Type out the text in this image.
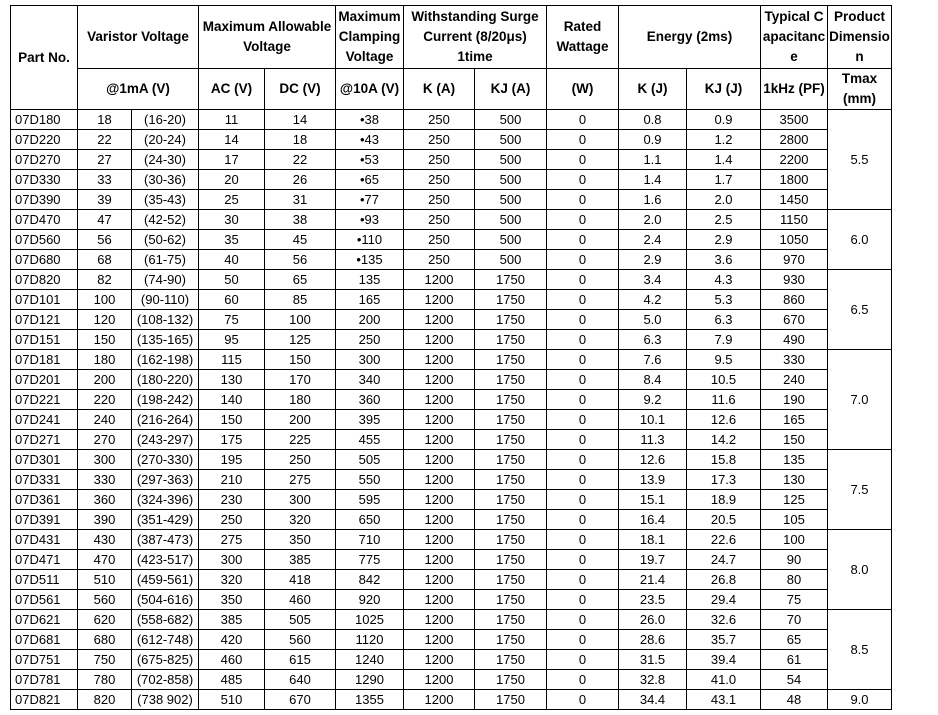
Part No.	Varistor Voltage		Maximum Allowable Voltage		Maximum Clamping Voltage	Withstanding Surge Current (8/20μs) 1time		Rated Wattage	Energy (2ms)		Typical Capacitance	Product Dimension
	@1mA (V)		AC (V)	DC (V)	@10A (V)	K (A)	KJ (A)	(W)	K (J)	KJ (J)	1kHz (PF)	Tmax (mm)
07D180	18	(16-20)	11	14	•38	250	500	0	0.8	0.9	3500	5.5
07D220	22	(20-24)	14	18	•43	250	500	0	0.9	1.2	2800	
07D270	27	(24-30)	17	22	•53	250	500	0	1.1	1.4	2200	
07D330	33	(30-36)	20	26	•65	250	500	0	1.4	1.7	1800	
07D390	39	(35-43)	25	31	•77	250	500	0	1.6	2.0	1450	
07D470	47	(42-52)	30	38	•93	250	500	0	2.0	2.5	1150	6.0
07D560	56	(50-62)	35	45	•110	250	500	0	2.4	2.9	1050	
07D680	68	(61-75)	40	56	•135	250	500	0	2.9	3.6	970	
07D820	82	(74-90)	50	65	135	1200	1750	0	3.4	4.3	930	6.5
07D101	100	(90-110)	60	85	165	1200	1750	0	4.2	5.3	860	
07D121	120	(108-132)	75	100	200	1200	1750	0	5.0	6.3	670	
07D151	150	(135-165)	95	125	250	1200	1750	0	6.3	7.9	490	
07D181	180	(162-198)	115	150	300	1200	1750	0	7.6	9.5	330	7.0
07D201	200	(180-220)	130	170	340	1200	1750	0	8.4	10.5	240	
07D221	220	(198-242)	140	180	360	1200	1750	0	9.2	11.6	190	
07D241	240	(216-264)	150	200	395	1200	1750	0	10.1	12.6	165	
07D271	270	(243-297)	175	225	455	1200	1750	0	11.3	14.2	150	
07D301	300	(270-330)	195	250	505	1200	1750	0	12.6	15.8	135	7.5
07D331	330	(297-363)	210	275	550	1200	1750	0	13.9	17.3	130	
07D361	360	(324-396)	230	300	595	1200	1750	0	15.1	18.9	125	
07D391	390	(351-429)	250	320	650	1200	1750	0	16.4	20.5	105	
07D431	430	(387-473)	275	350	710	1200	1750	0	18.1	22.6	100	8.0
07D471	470	(423-517)	300	385	775	1200	1750	0	19.7	24.7	90	
07D511	510	(459-561)	320	418	842	1200	1750	0	21.4	26.8	80	
07D561	560	(504-616)	350	460	920	1200	1750	0	23.5	29.4	75	
07D621	620	(558-682)	385	505	1025	1200	1750	0	26.0	32.6	70	8.5
07D681	680	(612-748)	420	560	1120	1200	1750	0	28.6	35.7	65	
07D751	750	(675-825)	460	615	1240	1200	1750	0	31.5	39.4	61	
07D781	780	(702-858)	485	640	1290	1200	1750	0	32.8	41.0	54	
07D821	820	(738 902)	510	670	1355	1200	1750	0	34.4	43.1	48	9.0
